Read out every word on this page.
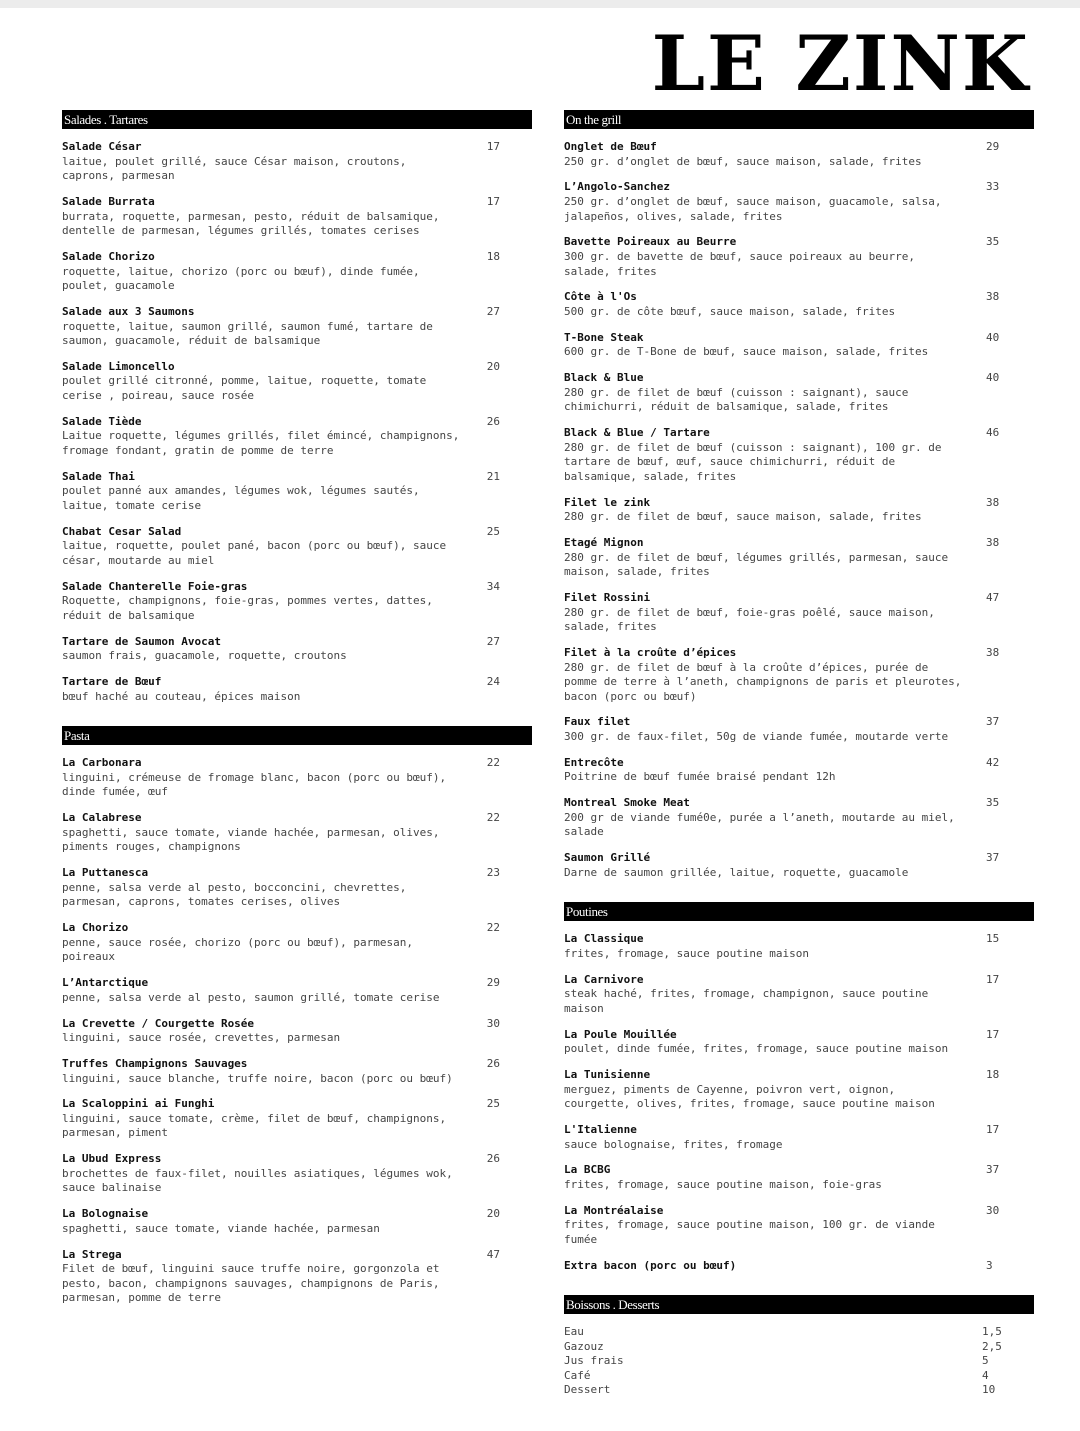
LE ZINK
Salades . Tartares
Salade César
laitue, poulet grillé, sauce César maison, croutons, caprons, parmesan
17
Salade Burrata
burrata, roquette, parmesan, pesto, réduit de balsamique, dentelle de parmesan, légumes grillés, tomates cerises
17
Salade Chorizo
roquette, laitue, chorizo (porc ou bœuf), dinde fumée, poulet, guacamole
18
Salade aux 3 Saumons
roquette, laitue, saumon grillé, saumon fumé, tartare de saumon, guacamole, réduit de balsamique
27
Salade Limoncello
poulet grillé citronné, pomme, laitue, roquette, tomate cerise , poireau, sauce rosée
20
Salade Tiède
Laitue roquette, légumes grillés, filet émincé, champignons, fromage fondant, gratin de pomme de terre
26
Salade Thai
poulet panné aux amandes, légumes wok, légumes sautés, laitue, tomate cerise
21
Chabat Cesar Salad
laitue, roquette, poulet pané, bacon (porc ou bœuf), sauce césar, moutarde au miel
25
Salade Chanterelle Foie-gras
Roquette, champignons, foie-gras, pommes vertes, dattes, réduit de balsamique
34
Tartare de Saumon Avocat
saumon frais, guacamole, roquette, croutons
27
Tartare de Bœuf
bœuf haché au couteau, épices maison
24
Pasta
La Carbonara
linguini, crémeuse de fromage blanc, bacon (porc ou bœuf), dinde fumée, œuf
22
La Calabrese
spaghetti, sauce tomate, viande hachée, parmesan, olives, piments rouges, champignons
22
La Puttanesca
penne, salsa verde al pesto, bocconcini, chevrettes, parmesan, caprons, tomates cerises, olives
23
La Chorizo
penne, sauce rosée, chorizo (porc ou bœuf), parmesan, poireaux
22
L’Antarctique
penne, salsa verde al pesto, saumon grillé, tomate cerise
29
La Crevette / Courgette Rosée
linguini, sauce rosée, crevettes, parmesan
30
Truffes Champignons Sauvages
linguini, sauce blanche, truffe noire, bacon (porc ou bœuf)
26
La Scaloppini ai Funghi
linguini, sauce tomate, crème, filet de bœuf, champignons, parmesan, piment
25
La Ubud Express
brochettes de faux-filet, nouilles asiatiques, légumes wok, sauce balinaise
26
La Bolognaise
spaghetti, sauce tomate, viande hachée, parmesan
20
La Strega
Filet de bœuf, linguini sauce truffe noire, gorgonzola et pesto, bacon, champignons sauvages, champignons de Paris, parmesan, pomme de terre
47
On the grill
Onglet de Bœuf
250 gr. d’onglet de bœuf, sauce maison, salade, frites
29
L’Angolo-Sanchez
250 gr. d’onglet de bœuf, sauce maison, guacamole, salsa, jalapeños, olives, salade, frites
33
Bavette Poireaux au Beurre
300 gr. de bavette de bœuf, sauce poireaux au beurre, salade, frites
35
Côte à l'Os
500 gr. de côte bœuf, sauce maison, salade, frites
38
T-Bone Steak
600 gr. de T-Bone de bœuf, sauce maison, salade, frites
40
Black & Blue
280 gr. de filet de bœuf (cuisson : saignant), sauce chimichurri, réduit de balsamique, salade, frites
40
Black & Blue / Tartare
280 gr. de filet de bœuf (cuisson : saignant), 100 gr. de tartare de bœuf, œuf, sauce chimichurri, réduit de balsamique, salade, frites
46
Filet le zink
280 gr. de filet de bœuf, sauce maison, salade, frites
38
Etagé Mignon
280 gr. de filet de bœuf, légumes grillés, parmesan, sauce maison, salade, frites
38
Filet Rossini
280 gr. de filet de bœuf, foie-gras poêlé, sauce maison, salade, frites
47
Filet à la croûte d’épices
280 gr. de filet de bœuf à la croûte d’épices, purée de pomme de terre à l’aneth, champignons de paris et pleurotes, bacon (porc ou bœuf)
38
Faux filet
300 gr. de faux-filet, 50g de viande fumée, moutarde verte
37
Entrecôte
Poitrine de bœuf fumée braisé pendant 12h
42
Montreal Smoke Meat
200 gr de viande fumé0e, purée a l’aneth, moutarde au miel, salade
35
Saumon Grillé
Darne de saumon grillée, laitue, roquette, guacamole
37
Poutines
La Classique
frites, fromage, sauce poutine maison
15
La Carnivore
steak haché, frites, fromage, champignon, sauce poutine maison
17
La Poule Mouillée
poulet, dinde fumée, frites, fromage, sauce poutine maison
17
La Tunisienne
merguez, piments de Cayenne, poivron vert, oignon, courgette, olives, frites, fromage, sauce poutine maison
18
L'Italienne
sauce bolognaise, frites, fromage
17
La BCBG
frites, fromage, sauce poutine maison, foie-gras
37
La Montréalaise
frites, fromage, sauce poutine maison, 100 gr. de viande fumée
30
Extra bacon (porc ou bœuf)	3
Boissons . Desserts
Eau	1,5
Gazouz	2,5
Jus frais	5
Café	4
Dessert	10
